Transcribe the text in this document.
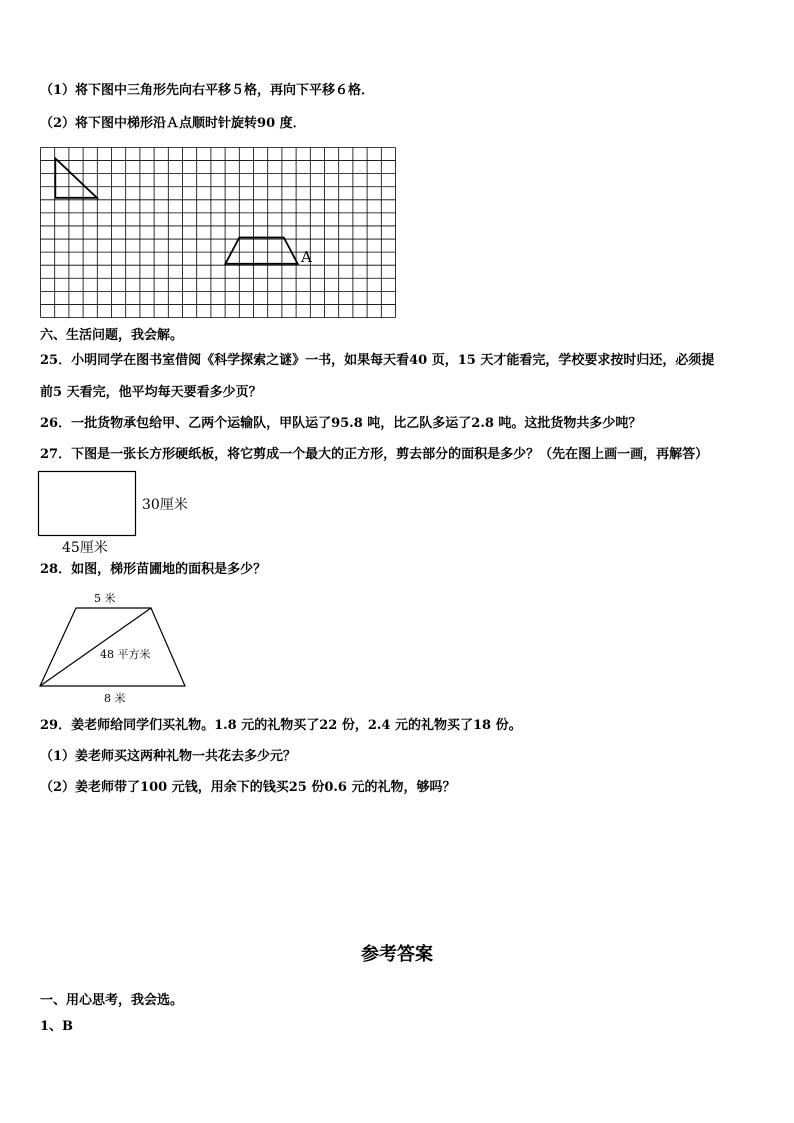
（1）将下图中三角形先向右平移５格，再向下平移６格．
（2）将下图中梯形沿Ａ点顺时针旋转90 度．
A
六、生活问题，我会解。
25．小明同学在图书室借阅《科学探索之谜》一书，如果每天看40 页，15 天才能看完，学校要求按时归还，必须提
前5 天看完，他平均每天要看多少页？
26．一批货物承包给甲、乙两个运输队，甲队运了95.8 吨，比乙队多运了2.8 吨。这批货物共多少吨？
27．下图是一张长方形硬纸板，将它剪成一个最大的正方形，剪去部分的面积是多少？（先在图上画一画，再解答）
30厘米
45厘米
28．如图，梯形苗圃地的面积是多少？
5 米
48 平方米
8 米
29．姜老师给同学们买礼物。1.8 元的礼物买了22 份，2.4 元的礼物买了18 份。
（1）姜老师买这两种礼物一共花去多少元？
（2）姜老师带了100 元钱，用余下的钱买25 份0.6 元的礼物，够吗？
参考答案
一、用心思考，我会选。
1、B
